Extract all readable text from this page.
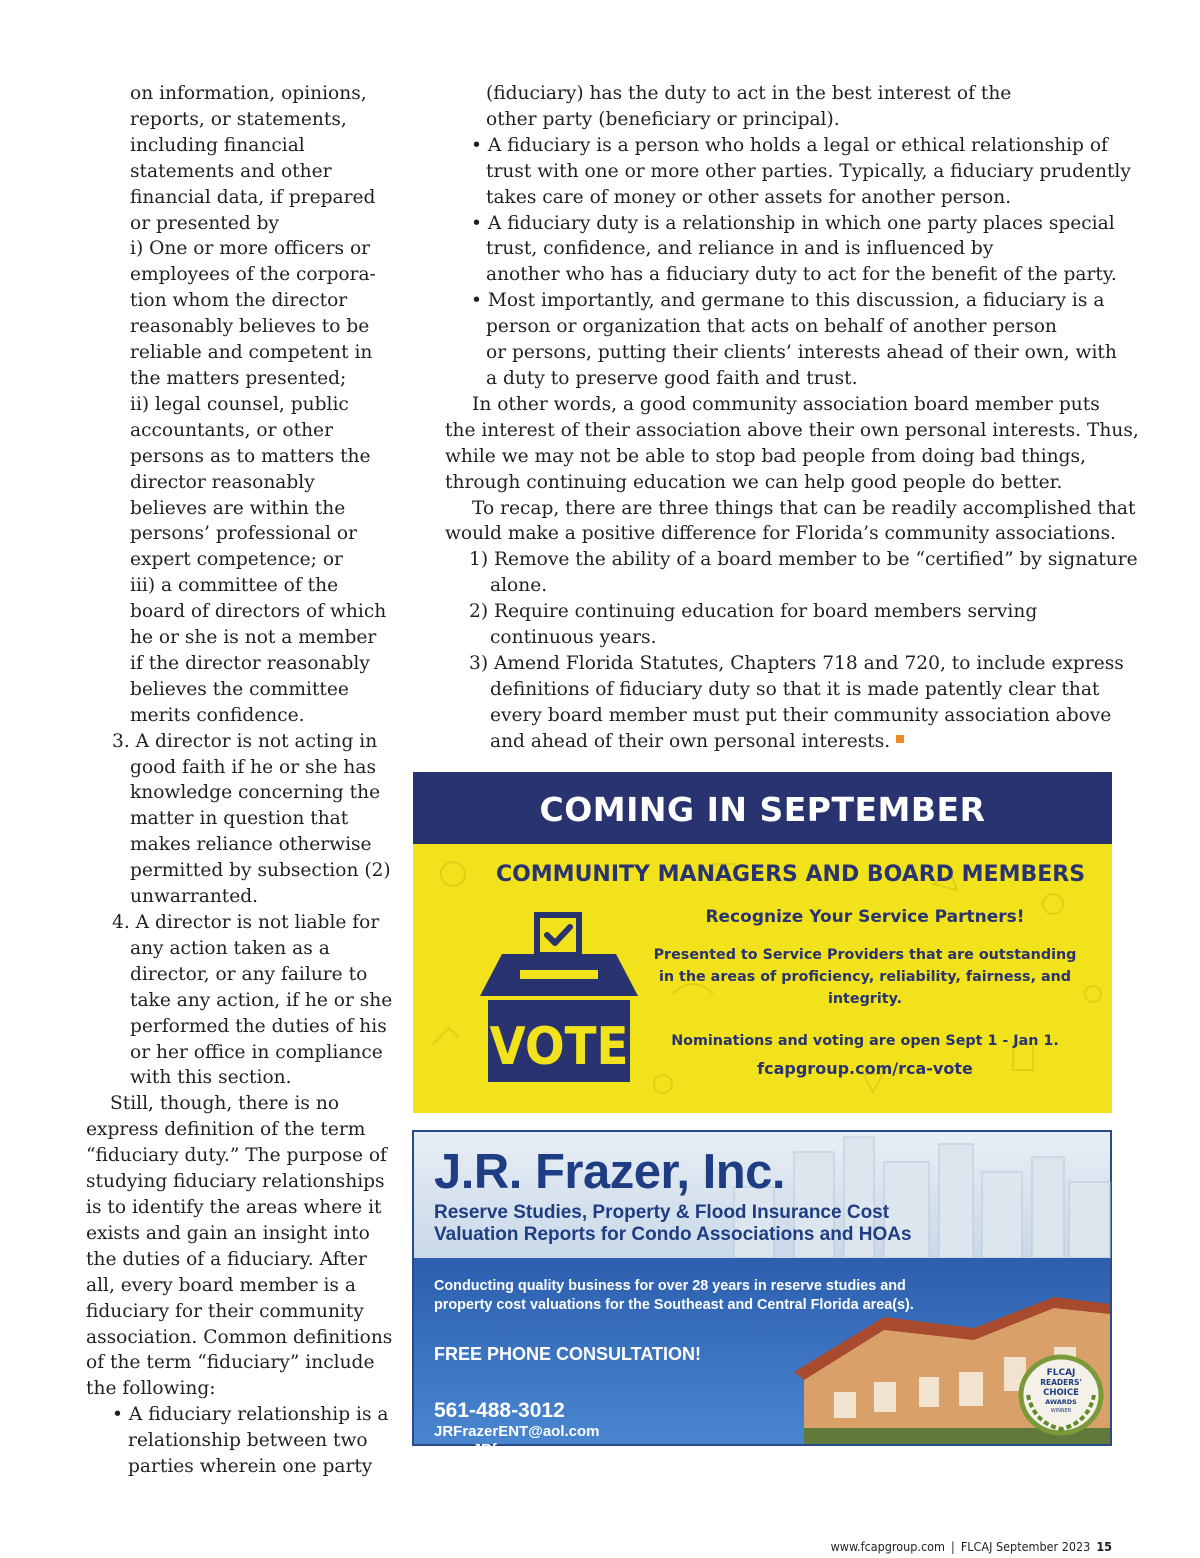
on information, opinions,
reports, or statements,
including financial
statements and other
financial data, if prepared
or presented by
i) One or more officers or
employees of the corpora-
tion whom the director
reasonably believes to be
reliable and competent in
the matters presented;
ii) legal counsel, public
accountants, or other
persons as to matters the
director reasonably
believes are within the
persons’ professional or
expert competence; or
iii) a committee of the
board of directors of which
he or she is not a member
if the director reasonably
believes the committee
merits confidence.
3. A director is not acting in
good faith if he or she has
knowledge concerning the
matter in question that
makes reliance otherwise
permitted by subsection (2)
unwarranted.
4. A director is not liable for
any action taken as a
director, or any failure to
take any action, if he or she
performed the duties of his
or her office in compliance
with this section.
Still, though, there is no
express definition of the term
“fiduciary duty.” The purpose of
studying fiduciary relationships
is to identify the areas where it
exists and gain an insight into
the duties of a fiduciary. After
all, every board member is a
fiduciary for their community
association. Common definitions
of the term “fiduciary” include
the following:
• A fiduciary relationship is a
relationship between two
parties wherein one party
(fiduciary) has the duty to act in the best interest of the
other party (beneficiary or principal).
• A fiduciary is a person who holds a legal or ethical relationship of
trust with one or more other parties. Typically, a fiduciary prudently
takes care of money or other assets for another person.
• A fiduciary duty is a relationship in which one party places special
trust, confidence, and reliance in and is influenced by
another who has a fiduciary duty to act for the benefit of the party.
• Most importantly, and germane to this discussion, a fiduciary is a
person or organization that acts on behalf of another person
or persons, putting their clients’ interests ahead of their own, with
a duty to preserve good faith and trust.
In other words, a good community association board member puts
the interest of their association above their own personal interests. Thus,
while we may not be able to stop bad people from doing bad things,
through continuing education we can help good people do better.
To recap, there are three things that can be readily accomplished that
would make a positive difference for Florida’s community associations.
1) Remove the ability of a board member to be “certified” by signature
alone.
2) Require continuing education for board members serving
continuous years.
3) Amend Florida Statutes, Chapters 718 and 720, to include express
definitions of fiduciary duty so that it is made patently clear that
every board member must put their community association above
and ahead of their own personal interests.
COMING IN SEPTEMBER
COMMUNITY MANAGERS AND BOARD MEMBERS
VOTE
Recognize Your Service Partners!
Presented to Service Providers that are outstanding in the areas of proficiency, reliability, fairness, and integrity.
Nominations and voting are open Sept 1 - Jan 1.
fcapgroup.com/rca-vote
J.R. Frazer, Inc.
Reserve Studies, Property & Flood Insurance Cost
Valuation Reports for Condo Associations and HOAs
Conducting quality business for over 28 years in reserve studies and
property cost valuations for the Southeast and Central Florida area(s).
FREE PHONE CONSULTATION!
561-488-3012
JRFrazerENT@aol.com
www.JRfrazer.com
FLCAJ
READERS'
CHOICE
AWARDS
WINNER
www.fcapgroup.com | FLCAJ September 2023 15
